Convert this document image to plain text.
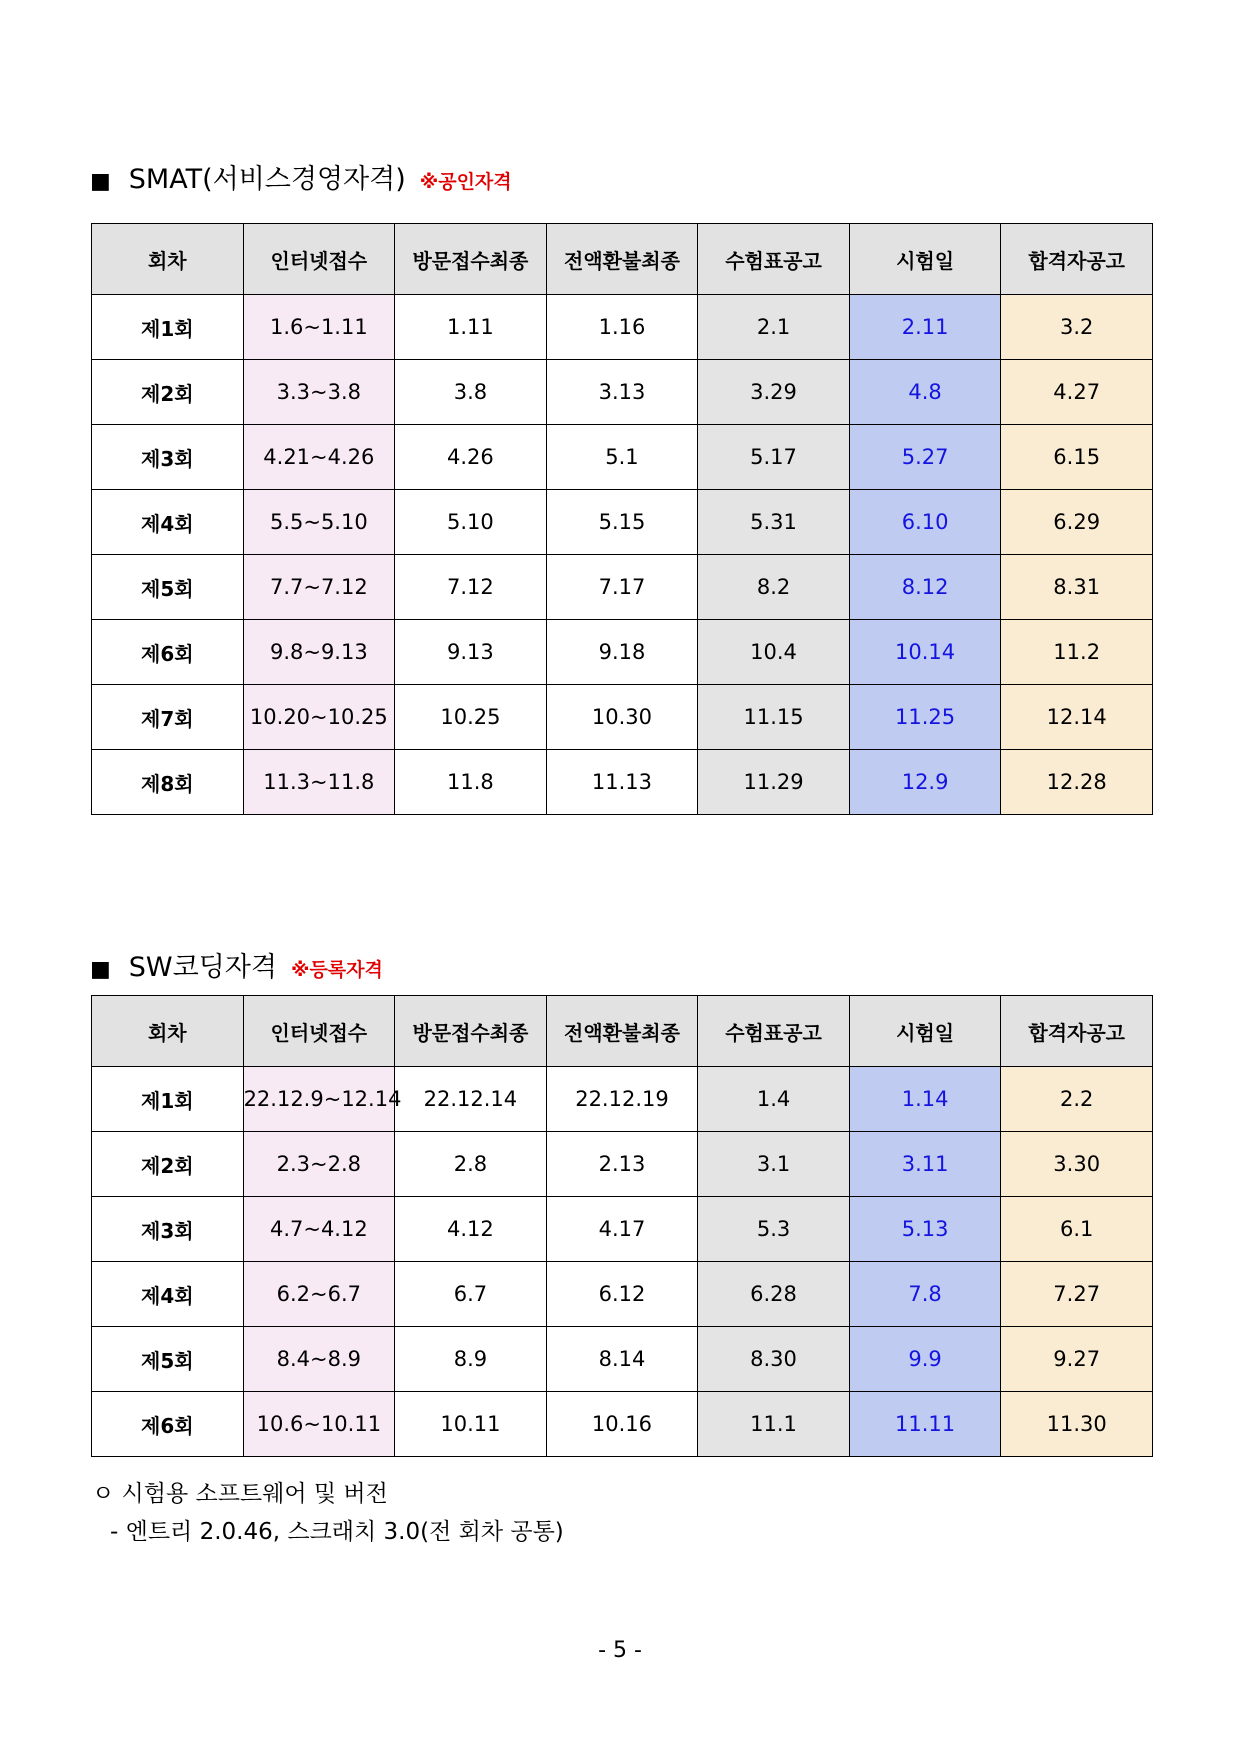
■ SMAT(서비스경영자격) ※공인자격
회차	인터넷접수	방문접수최종	전액환불최종	수험표공고	시험일	합격자공고
제1회	1.6~1.11	1.11	1.16	2.1	2.11	3.2
제2회	3.3~3.8	3.8	3.13	3.29	4.8	4.27
제3회	4.21~4.26	4.26	5.1	5.17	5.27	6.15
제4회	5.5~5.10	5.10	5.15	5.31	6.10	6.29
제5회	7.7~7.12	7.12	7.17	8.2	8.12	8.31
제6회	9.8~9.13	9.13	9.18	10.4	10.14	11.2
제7회	10.20~10.25	10.25	10.30	11.15	11.25	12.14
제8회	11.3~11.8	11.8	11.13	11.29	12.9	12.28
■ SW코딩자격 ※등록자격
회차	인터넷접수	방문접수최종	전액환불최종	수험표공고	시험일	합격자공고
제1회	22.12.9~12.14	22.12.14	22.12.19	1.4	1.14	2.2
제2회	2.3~2.8	2.8	2.13	3.1	3.11	3.30
제3회	4.7~4.12	4.12	4.17	5.3	5.13	6.1
제4회	6.2~6.7	6.7	6.12	6.28	7.8	7.27
제5회	8.4~8.9	8.9	8.14	8.30	9.9	9.27
제6회	10.6~10.11	10.11	10.16	11.1	11.11	11.30
ㅇ 시험용 소프트웨어 및 버전
- 엔트리 2.0.46, 스크래치 3.0(전 회차 공통)
- 5 -
